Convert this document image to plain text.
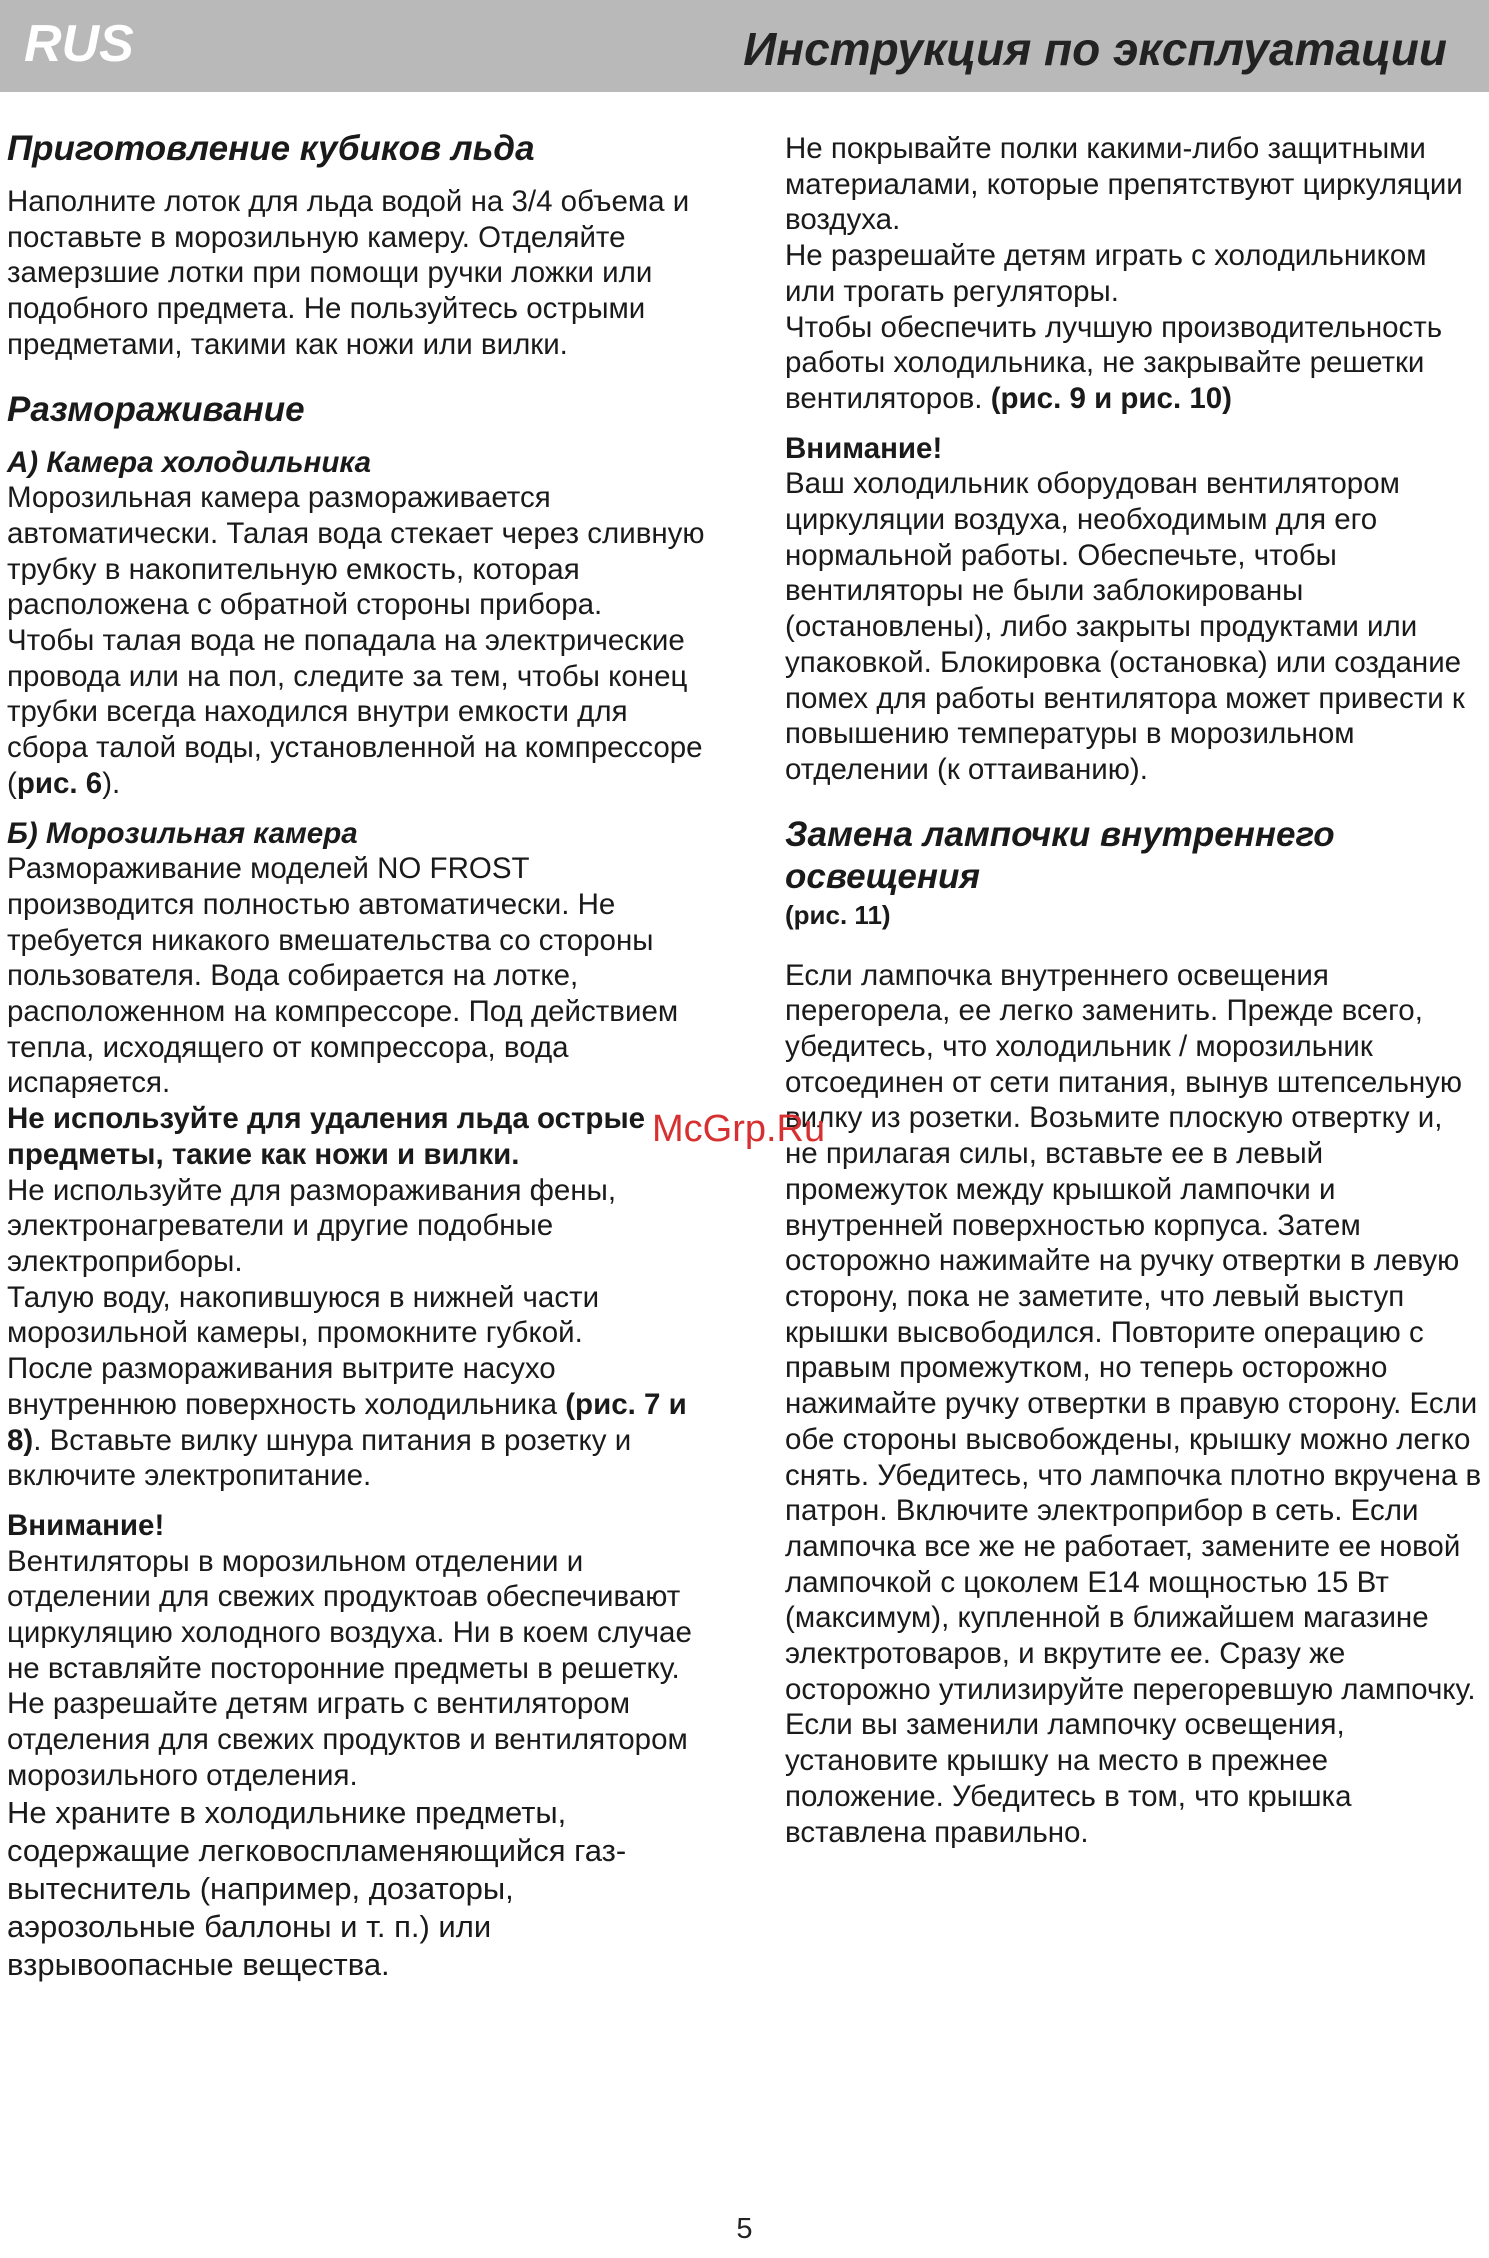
RUS	Инструкция по эксплуатации
Приготовление кубиков льда

Наполните лоток для льда водой на 3/4 объема и поставьте в морозильную камеру. Отделяйте замерзшие лотки при помощи ручки ложки или подобного предмета. Не пользуйтесь острыми предметами, такими как ножи или вилки.

Размораживание
А) Камера холодильника

Морозильная камера размораживается автоматически. Талая вода стекает через сливную трубку в накопительную емкость, которая расположена с обратной стороны прибора.

Чтобы талая вода не попадала на электрические провода или на пол, следите за тем, чтобы конец трубки всегда находился внутри емкости для сбора талой воды, установленной на компрессоре (рис. 6).

Б) Морозильная камера

Размораживание моделей NO FROST производится полностью автоматически. Не требуется никакого вмешательства со стороны пользователя. Вода собирается на лотке, расположенном на компрессоре. Под действием тепла, исходящего от компрессора, вода испаряется.

Не используйте для удаления льда острые предметы, такие как ножи и вилки.

Не используйте для размораживания фены, электронагреватели и другие подобные электроприборы.

Талую воду, накопившуюся в нижней части морозильной камеры, промокните губкой.

После размораживания вытрите насухо внутреннюю поверхность холодильника (рис. 7 и 8). Вставьте вилку шнура питания в розетку и включите электропитание.

Внимание!

Вентиляторы в морозильном отделении и отделении для свежих продуктоав обеспечивают циркуляцию холодного воздуха. Ни в коем случае не вставляйте посторонние предметы в решетку. Не разрешайте детям играть с вентилятором отделения для свежих продуктов и вентилятором морозильного отделения.

Не храните в холодильнике предметы, содержащие легковоспламеняющийся газ-вытеснитель (например, дозаторы, аэрозольные баллоны и т. п.) или взрывоопасные вещества.

Не покрывайте полки какими-либо защитными материалами, которые препятствуют циркуляции воздуха.

Не разрешайте детям играть с холодильником или трогать регуляторы.

Чтобы обеспечить лучшую производительность работы холодильника, не закрывайте решетки вентиляторов. (рис. 9 и рис. 10)

Внимание!

Ваш холодильник оборудован вентилятором циркуляции воздуха, необходимым для его нормальной работы. Обеспечьте, чтобы вентиляторы не были заблокированы (остановлены), либо закрыты продуктами или упаковкой. Блокировка (остановка) или создание помех для работы вентилятора может привести к повышению температуры в морозильном отделении (к оттаиванию).

Замена лампочки внутреннего освещения
(рис. 11)

Если лампочка внутреннего освещения перегорела, ее легко заменить. Прежде всего, убедитесь, что холодильник / морозильник отсоединен от сети питания, вынув штепсельную вилку из розетки. Возьмите плоскую отвертку и, не прилагая силы, вставьте ее в левый промежуток между крышкой лампочки и внутренней поверхностью корпуса. Затем осторожно нажимайте на ручку отвертки в левую сторону, пока не заметите, что левый выступ крышки высвободился. Повторите операцию с правым промежутком, но теперь осторожно нажимайте ручку отвертки в правую сторону. Если обе стороны высвобождены, крышку можно легко снять. Убедитесь, что лампочка плотно вкручена в патрон. Включите электроприбор в сеть. Если лампочка все же не работает, замените ее новой лампочкой с цоколем E14 мощностью 15 Вт (максимум), купленной в ближайшем магазине электротоваров, и вкрутите ее. Сразу же осторожно утилизируйте перегоревшую лампочку.

Если вы заменили лампочку освещения, установите крышку на место в прежнее положение. Убедитесь в том, что крышка вставлена правильно.

McGrp.Ru
5
